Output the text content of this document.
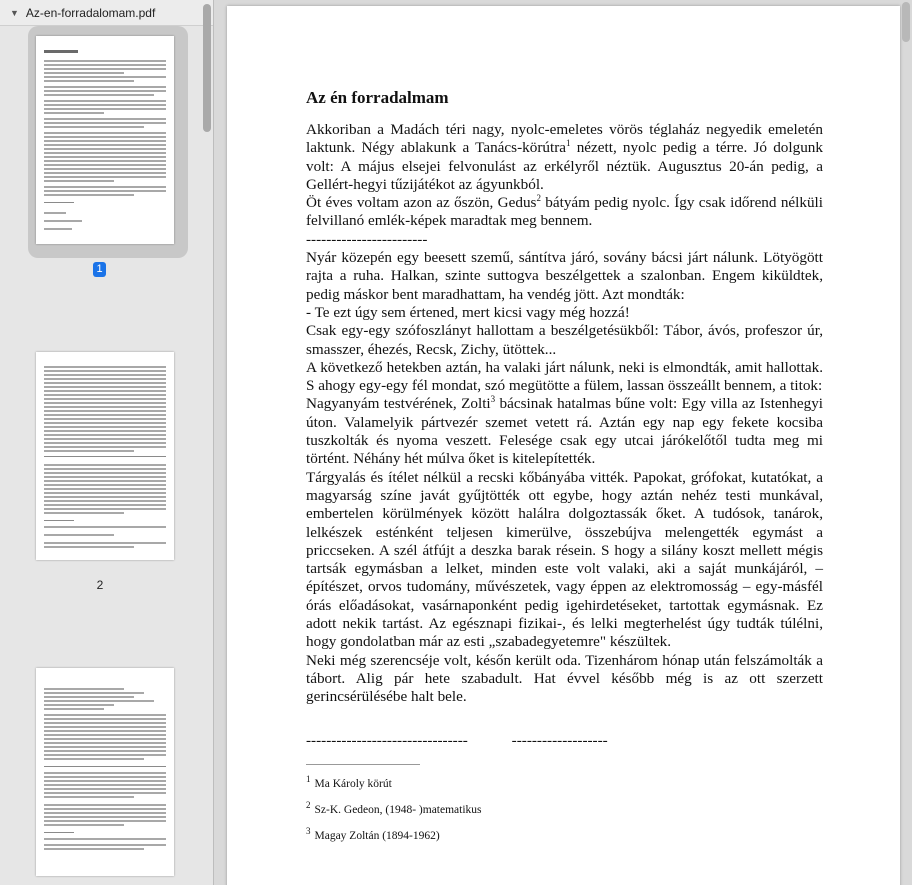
▼ Az-en-forradalomam.pdf
1
2
Az én forradalmam

Akkoriban a Madách téri nagy, nyolc-emeletes vörös téglaház negyedik emeletén laktunk. Négy ablakunk a Tanács-körútra$^1$ nézett, nyolc pedig a térre. Jó dolgunk volt: A május elsejei felvonulást az erkélyről néztük. Augusztus 20-án pedig, a Gellért-hegyi tűzijátékot az ágyunkból.

Öt éves voltam azon az őszön, Gedus$^2$ bátyám pedig nyolc. Így csak időrend nélküli felvillanó emlék-képek maradtak meg bennem.

------------------------

Nyár közepén egy beesett szemű, sántítva járó, sovány bácsi járt nálunk. Lötyögött rajta a ruha. Halkan, szinte suttogva beszélgettek a szalonban. Engem kiküldtek, pedig máskor bent maradhattam, ha vendég jött. Azt mondták:

- Te ezt úgy sem értened, mert kicsi vagy még hozzá!

Csak egy-egy szófoszlányt hallottam a beszélgetésükből: Tábor, ávós, profeszor úr, smasszer, éhezés, Recsk, Zichy, ütöttek...

A következő hetekben aztán, ha valaki járt nálunk, neki is elmondták, amit hallottak. S ahogy egy-egy fél mondat, szó megütötte a fülem, lassan összeállt bennem, a titok:

Nagyanyám testvérének, Zolti$^3$ bácsinak hatalmas bűne volt: Egy villa az Istenhegyi úton. Valamelyik pártvezér szemet vetett rá. Aztán egy nap egy fekete kocsiba tuszkolták és nyoma veszett. Felesége csak egy utcai járókelőtől tudta meg mi történt. Néhány hét múlva őket is kitelepítették.

Tárgyalás és ítélet nélkül a recski kőbányába vitték. Papokat, grófokat, kutatókat, a magyarság színe javát gyűjtötték ott egybe, hogy aztán nehéz testi munkával, embertelen körülmények között halálra dolgoztassák őket. A tudósok, tanárok, lelkészek esténként teljesen kimerülve, összebújva melengették egymást a priccseken. A szél átfújt a deszka barak résein. S hogy a silány koszt mellett mégis tartsák egymásban a lelket, minden este volt valaki, aki a saját munkájáról, – építészet, orvos tudomány, művészetek, vagy éppen az elektromosság – egy-másfél órás előadásokat, vasárnaponként pedig igehirdetéseket, tartottak egymásnak. Ez adott nekik tartást. Az egésznapi fizikai-, és lelki megterhelést úgy tudták túlélni, hogy gondolatban már az esti „szabadegyetemre" készültek.

Neki még szerencséje volt, későn került oda. Tizenhárom hónap után felszámolták a tábort. Alig pár hete szabadult. Hat évvel később még is az ott szerzett gerincsérülésébe halt bele.

--------------------------------	-------------------
$^1$ Ma Károly körút
$^2$ Sz-K. Gedeon, (1948- )matematikus
$^3$ Magay Zoltán (1894-1962)
